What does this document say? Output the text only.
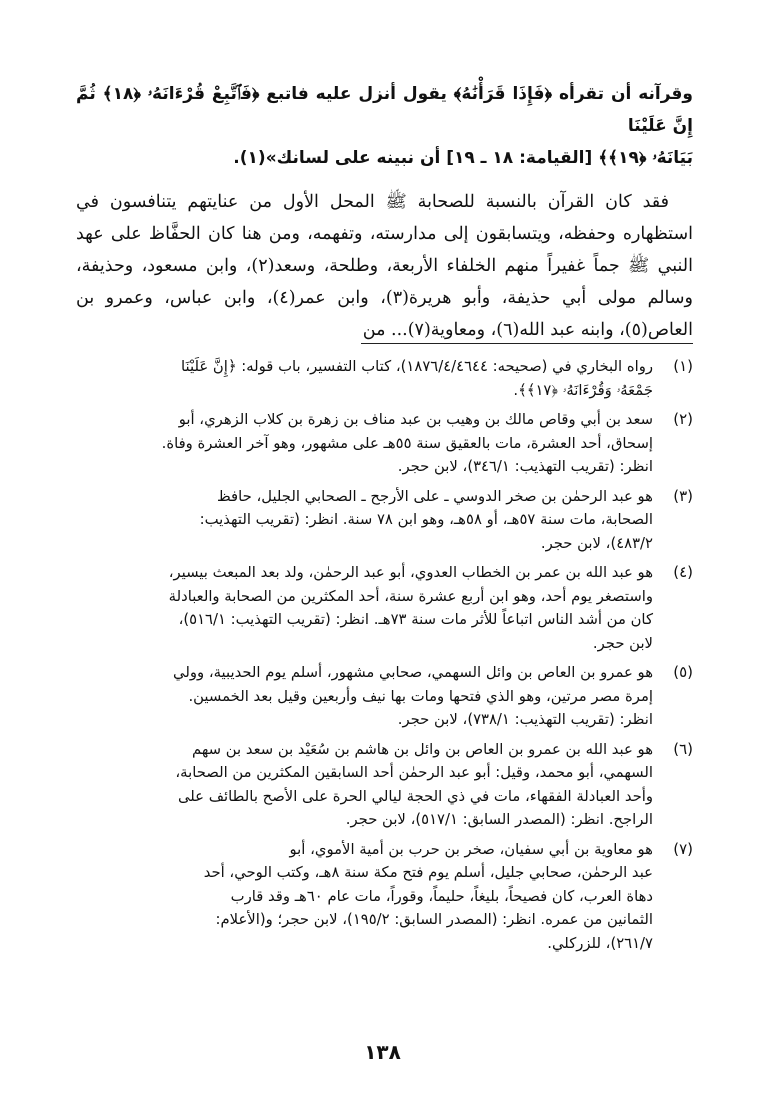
وقرآنه أن تقرأه ﴿فَإِذَا قَرَأْنَٰهُ﴾ يقول أنزل عليه فاتبع ﴿فَٱتَّبِعْ قُرْءَانَهُۥ ﴿١٨﴾ ثُمَّ إِنَّ عَلَيْنَا

بَيَانَهُۥ ﴿١٩﴾﴾ [القيامة: ١٨ ـ ١٩] أن نبينه على لسانك»(١).

فقد كان القرآن بالنسبة للصحابة ﷺ المحل الأول من عنايتهم يتنافسون في استظهاره وحفظه، ويتسابقون إلى مدارسته، وتفهمه، ومن هنا كان الحفَّاظ على عهد النبي ﷺ جماً غفيراً منهم الخلفاء الأربعة، وطلحة، وسعد(٢)، وابن مسعود، وحذيفة، وسالم مولى أبي حذيفة، وأبو هريرة(٣)، وابن عمر(٤)، وابن عباس، وعمرو بن العاص(٥)، وابنه عبد الله(٦)، ومعاوية(٧)... من

(١)
رواه البخاري في (صحيحه: ١٨٧٦/٤/٤٦٤٤)، كتاب التفسير، باب قوله: ﴿إِنَّ عَلَيْنَا
جَمْعَهُۥ وَقُرْءَانَهُۥ ﴿١٧﴾﴾.
(٢)
سعد بن أبي وقاص مالك بن وهيب بن عبد مناف بن زهرة بن كلاب الزهري، أبو
إسحاق، أحد العشرة، مات بالعقيق سنة ٥٥هـ على مشهور، وهو آخر العشرة وفاة.
انظر: (تقريب التهذيب: ٣٤٦/١)، لابن حجر.
(٣)
هو عبد الرحمٰن بن صخر الدوسي ـ على الأرجح ـ الصحابي الجليل، حافظ
الصحابة، مات سنة ٥٧هـ، أو ٥٨هـ، وهو ابن ٧٨ سنة. انظر: (تقريب التهذيب:
٤٨٣/٢)، لابن حجر.
(٤)
هو عبد الله بن عمر بن الخطاب العدوي، أبو عبد الرحمٰن، ولد بعد المبعث بيسير،
واستصغر يوم أحد، وهو ابن أربع عشرة سنة، أحد المكثرين من الصحابة والعبادلة
كان من أشد الناس اتباعاً للأثر مات سنة ٧٣هـ. انظر: (تقريب التهذيب: ٥١٦/١)،
لابن حجر.
(٥)
هو عمرو بن العاص بن وائل السهمي، صحابي مشهور، أسلم يوم الحديبية، وولي
إمرة مصر مرتين، وهو الذي فتحها ومات بها نيف وأربعين وقيل بعد الخمسين.
انظر: (تقريب التهذيب: ٧٣٨/١)، لابن حجر.
(٦)
هو عبد الله بن عمرو بن العاص بن وائل بن هاشم بن سُعَيْد بن سعد بن سهم
السهمي، أبو محمد، وقيل: أبو عبد الرحمٰن أحد السابقين المكثرين من الصحابة،
وأحد العبادلة الفقهاء، مات في ذي الحجة ليالي الحرة على الأصح بالطائف على
الراجح. انظر: (المصدر السابق: ٥١٧/١)، لابن حجر.
(٧)
هو معاوية بن أبي سفيان، صخر بن حرب بن أمية الأموي، أبو
عبد الرحمٰن، صحابي جليل، أسلم يوم فتح مكة سنة ٨هـ، وكتب الوحي، أحد
دهاة العرب، كان فصيحاً، بليغاً، حليماً، وقوراً، مات عام ٦٠هـ وقد قارب
الثمانين من عمره. انظر: (المصدر السابق: ١٩٥/٢)، لابن حجر؛ و(الأعلام:
٢٦١/٧)، للزركلي.
١٣٨
